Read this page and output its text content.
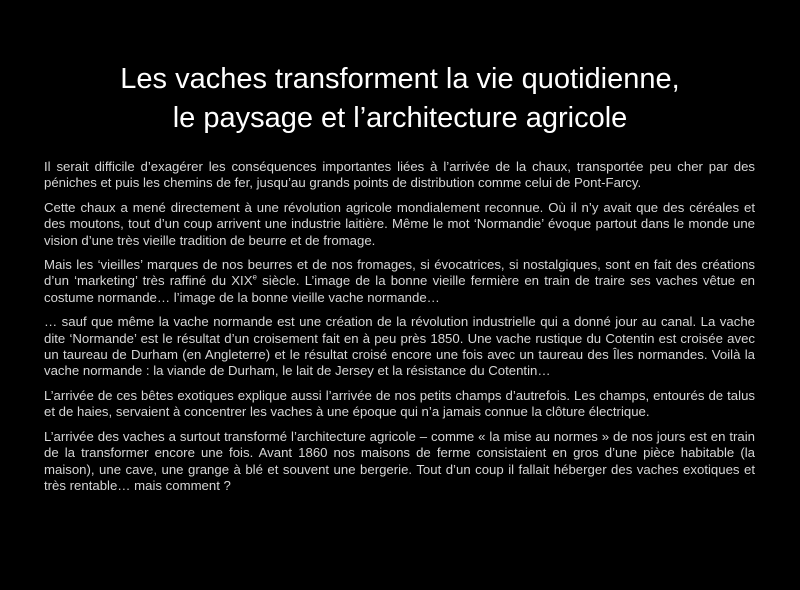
Les vaches transforment la vie quotidienne,
le paysage et l’architecture agricole

Il serait difficile d’exagérer les conséquences importantes liées à l’arrivée de la chaux, transportée peu cher par des péniches et puis les chemins de fer, jusqu’au grands points de distribution comme celui de Pont-Farcy.

Cette chaux a mené directement à une révolution agricole mondialement reconnue. Où il n’y avait que des céréales et des moutons, tout d’un coup arrivent une industrie laitière. Même le mot ‘Normandie’ évoque partout dans le monde une vision d’une très vieille tradition de beurre et de fromage.

Mais les ‘vieilles’ marques de nos beurres et de nos fromages, si évocatrices, si nostalgiques, sont en fait des créations d’un ‘marketing’ très raffiné du XIXe siècle. L’image de la bonne vieille fermière en train de traire ses vaches vêtue en costume normande… l’image de la bonne vieille vache normande…

… sauf que même la vache normande est une création de la révolution industrielle qui a donné jour au canal. La vache dite ‘Normande’ est le résultat d’un croisement fait en à peu près 1850. Une vache rustique du Cotentin est croisée avec un taureau de Durham (en Angleterre) et le résultat croisé encore une fois avec un taureau des Îles normandes. Voilà la vache normande : la viande de Durham, le lait de Jersey et la résistance du Cotentin…

L’arrivée de ces bêtes exotiques explique aussi l’arrivée de nos petits champs d’autrefois. Les champs, entourés de talus et de haies, servaient à concentrer les vaches à une époque qui n’a jamais connue la clôture électrique.

L’arrivée des vaches a surtout transformé l’architecture agricole – comme « la mise au normes » de nos jours est en train de la transformer encore une fois. Avant 1860 nos maisons de ferme consistaient en gros d’une pièce habitable (la maison), une cave, une grange à blé et souvent une bergerie. Tout d’un coup il fallait héberger des vaches exotiques et très rentable… mais comment ?
